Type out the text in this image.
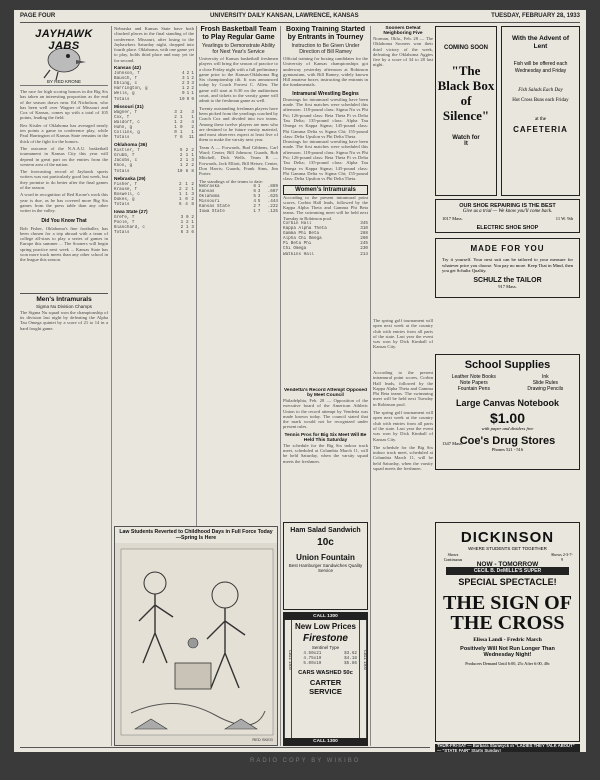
PAGE FOUR	UNIVERSITY DAILY KANSAN, LAWRENCE, KANSAS	TUESDAY, FEBRUARY 28, 1933
JAYHAWK JABS
BY RED KRONE

The race for high scoring honors in the Big Six has taken an interesting proportion as the end of the season draws near. Ed Nicholson, who has been well over Wagner of Missouri and Cox of Kansas, comes up with a total of 105 points, leading the field.

Rex Kistler of Oklahoma has averaged nearly ten points a game in conference play, while Paul Harrington of Kansas State remains in the thick of the fight for the honors.

The outcome of the N.A.A.U. basketball tournament in Kansas City this year will depend in great part on the entries from the western area of the nation.

The forecasting record of Jayhawk sports writers was not particularly good last week, but they promise to do better after the final games of the season.

A word in recognition of Red Krone's work this year is due, as he has covered more Big Six games from the press table than any other writer in the valley.

Did You Know That
Bob Fisher, Oklahoma's fine footballer, has been chosen for a trip abroad with a team of college all-stars to play a series of games in Europe this summer ... The Sooners will begin spring practice next week ... Kansas State has won more track meets than any other school in the league this season.
Men's Intramurals
Sigma Nu Division Champs
The Sigma Nu squad won the championship of its division last night by defeating the Alpha Tau Omega quintet by a score of 21 to 14 in a hard fought game.
Nebraska and Kansas State have both clinched places in the final standing of the conference. Missouri, after losing to the Jayhawkers Saturday night, dropped into fourth place. Oklahoma, with one game yet to play, holds third place and may yet tie for second.
Kansas (42)
Johnson, f	4	2	1
Bausch, f	3	1	2
Ebling, c	2	3	3
Harrington, g	1	2	2
Wells, g	0	1	1
Totals	10	9	9
Missouri (31)
Wagner, f	3	2	3
Cox, f	2	1	1
Waldorf, c	1	2	4
Huhn, g	1	0	2
Collins, g	0	1	1
Totals	7	6	11
Oklahoma (36)
Kistler, f	5	2	2
Grubb, f	2	1	1
Jacobs, c	2	1	3
Knox, g	1	2	2
Totals	10	6	8
Nebraska (29)
Fisher, f	2	1	2
Krause, f	2	2	1
Boswell, c	1	1	3
Dukes, g	1	0	2
Totals	6	4	8
Iowa State (27)
Grefe, f	3	0	2
Poole, f	1	2	1
Blanchard, c	2	1	3
Totals	6	3	6
Frosh Basketball Team to Play Regular Game
Yearlings to Demonstrate Ability for Next Year's Service

University of Kansas basketball freshmen players will bring the season of practice to a close Friday night with a full preliminary game prior to the Kansas-Oklahoma Big Six championship tilt. It was announced today by Coach Forrest C. Allen. The game will start at 6:30 on the auditorium court, and tickets to the varsity game will admit to the freshman game as well.

Twenty outstanding freshman players have been picked from the yearlings coached by Coach Cox and divided into two teams. Among these twelve players are men who are destined to be future varsity material, and most observers expect at least five of them to make the varsity next year.

Team A — Forwards, Bud Gibbens, Carl Ward; Center, Bill Johnson; Guards, Bob Mitchell, Dick Wells. Team B — Forwards, Jack Elliott, Bill Heiser; Center, Don Harris; Guards, Frank Sims, Jim Porter.

The standings of the teams to date:
Nebraska	8	1	.889
Kansas	6	3	.667
Oklahoma	5	3	.625
Missouri	4	5	.444
Kansas State	2	7	.222
Iowa State	1	7	.125
Boxing Training Started by Entrants in Tourney
Instruction to Be Given Under Direction of Bill Ramey
Official training for boxing candidates for the University of Kansas championships got underway yesterday afternoon at Robinson gymnasium, with Bill Ramey, widely known Hill amateur boxer, instructing the entrants in the fundamentals.
Intramural Wrestling Begins
Drawings for intramural wrestling have been made. The first matches were scheduled this afternoon. 118-pound class: Sigma Nu vs Phi Psi; 126-pound class: Beta Theta Pi vs Delta Tau Delta; 135-pound class: Alpha Tau Omega vs Kappa Sigma; 145-pound class: Phi Gamma Delta vs Sigma Chi; 155-pound class: Delta Upsilon vs Phi Delta Theta.
Drawings for intramural wrestling have been made. The first matches were scheduled this afternoon. 118-pound class: Sigma Nu vs Phi Psi; 126-pound class: Beta Theta Pi vs Delta Tau Delta; 135-pound class: Alpha Tau Omega vs Kappa Sigma; 145-pound class: Phi Gamma Delta vs Sigma Chi; 155-pound class: Delta Upsilon vs Phi Delta Theta.
Women's Intramurals
According to the present intramural point scores, Corbin Hall leads, followed by the Kappa Alpha Theta and Gamma Phi Beta teams. The swimming meet will be held next Tuesday in Robinson pool.
Corbin Hall	345
Kappa Alpha Theta	310
Gamma Phi Beta	288
Alpha Chi Omega	260
Pi Beta Phi	245
Chi Omega	230
Watkins Hall	214
Vendetta's Record Attempt Opposed by Meet Council
Philadelphia, Feb. 28 — Opposition of the executive board of the American Athletic Union to the record attempt by Vendetta was made known today. The council stated that the mark would not be recognized under present rules.
Tennis Pros for Big Six Meet Will Be Held This Saturday
The schedule for the Big Six indoor track meet, scheduled at Columbia March 11, will be held Saturday, when the varsity squad meets the freshmen.
Ham Salad Sandwich
10c
Union Fountain
Best Hamburger Sandwiches Quality Service
Law Students Reverted to Childhood Days in Full Force Today—Spring Is Here
RED SKEG
CALL 1300
New Low Prices
Firestone
Sentinel Type
4.50x21	$3.62
4.75x19	$4.18
5.00x19	$5.86
CARS WASHED 50c
CARTER SERVICE
CALL 1300
CALL 1300	CALL 1300
Sooners Defeat Neighboring Five
Norman, Okla., Feb. 28 — The Oklahoma Sooners won their third victory of the week, defeating the Oklahoma Aggies five by a score of 34 to 28 last night.
The spring golf tournament will open next week at the country club with entries from all parts of the state. Last year the event was won by Dick Kimball of Kansas City.
COMING SOON
"The Black Box of Silence"
Watch for It
With the Advent of Lent
Fish will be offered each Wednesday and Friday
Fish Salads Each Day
Hot Cross Buns each Friday
at the
CAFETERIA
OUR SHOE REPAIRING IS THE BEST
Give us a trial — We know you'll come back.
1017 Mass.
ELECTRIC SHOE SHOP
11 W. 9th
MADE FOR YOU
Try it yourself. Your next suit can be tailored to your measure for whatever price you choose. You pay no more. Keep That in Mind, then you get Schultz Quality.
SCHULZ the TAILOR
917 Mass.
According to the present intramural point scores, Corbin Hall leads, followed by the Kappa Alpha Theta and Gamma Phi Beta teams. The swimming meet will be held next Tuesday in Robinson pool.
The spring golf tournament will open next week at the country club with entries from all parts of the state. Last year the event was won by Dick Kimball of Kansas City.
The schedule for the Big Six indoor track meet, scheduled at Columbia March 11, will be held Saturday, when the varsity squad meets the freshmen.
School Supplies
Leather Note Books
Note Papers
Fountain Pens
Ink
Slide Rules
Drawing Pencils
Large Canvas Notebook
$1.00
with paper and dividers free
1347 Mass.
Coe's Drug Stores
Phones 521 - 516
DICKINSON
WHERE STUDENTS GET TOGETHER
Shows Continuous
NOW - TOMORROW
Shows 2-3-7-9
CECIL B. DeMILLE'S SUPER
SPECIAL SPECTACLE!
THE SIGN OF THE CROSS
Elissa Landi - Fredric March
Positively Will Not Run Longer Than Wednesday Night!
Producers Demand Until 6:00, 25c After 6:00, 40c
THUR-FRI-SAT — Barbara Stanwyck in "LADIES THEY TALK ABOUT" — "STATE FAIR" Starts Sunday!
RADIO COPY BY WIKIBO
